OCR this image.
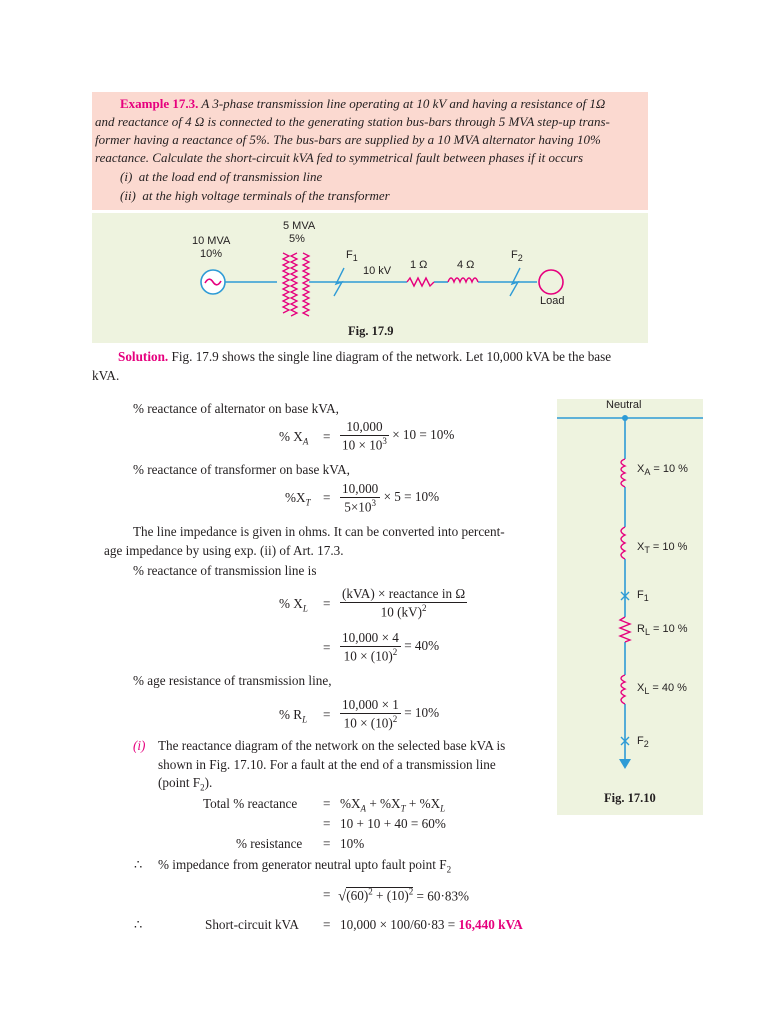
Example 17.3. A 3-phase transmission line operating at 10 kV and having a resistance of 1Ω
and reactance of 4 Ω is connected to the generating station bus-bars through 5 MVA step-up trans-
former having a reactance of 5%. The bus-bars are supplied by a 10 MVA alternator having 10%
reactance. Calculate the short-circuit kVA fed to symmetrical fault between phases if it occurs
(i) at the load end of transmission line
(ii) at the high voltage terminals of the transformer
10 MVA
10%
5 MVA
5%
$F_1$
10 kV 1 Ω	4 Ω
$F_2$
Load
Fig. 17.9
Solution. Fig. 17.9 shows the single line diagram of the network. Let 10,000 kVA be the base
kVA.
% reactance of alternator on base kVA,
% $X_A = \frac{10,000}{10 \times 10^3} \times 10 = 10\%$
% reactance of transformer on base kVA,
$\%X_T = \frac{10,000}{5\times 10^3} \times 5 = 10\%$
The line impedance is given in ohms. It can be converted into percent-
age impedance by using exp. (ii) of Art. 17.3.
% reactance of transmission line is
% $X_L = \frac{\text{(kVA) × reactance in Ω}}{10 (kV)^2}$
= $\frac{10,000 \times 4}{10 \times (10)^2} = 40\%$
% age resistance of transmission line,
% $R_L = \frac{10,000 \times 1}{10 \times (10)^2} = 10\%$
(i) The reactance diagram of the network on the selected base kVA is
shown in Fig. 17.10. For a fault at the end of a transmission line
(point $F_2$).
Total % reactance = $\%X_A + \%X_T + \%X_L$
= 10 + 10 + 40 = 60%
% resistance = 10%
∴ % impedance from generator neutral upto fault point $F_2$
= $√(60)^2 + (10)^2 = 60\cdot 83\%$
∴	Short-circuit kVA = 10,000 × 100/60·83 = 16,440 kVA
Neutral
$X_A = 10$ %
$X_T = 10$ %
$F_1$
$R_L = 10$ %
$X_L = 40$ %
$F_2$
Fig. 17.10
